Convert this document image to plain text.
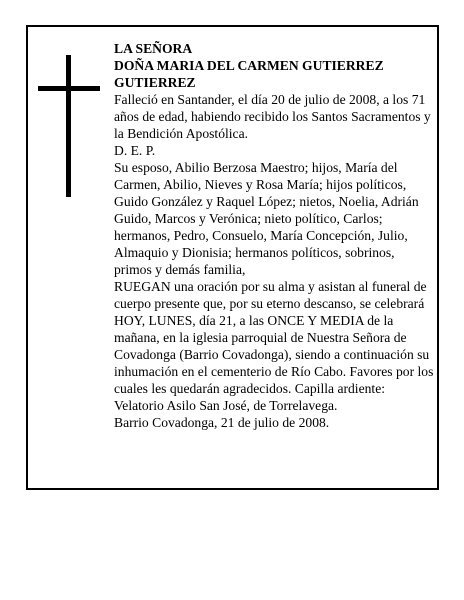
LA SEÑORA

DOÑA MARIA DEL CARMEN GUTIERREZ GUTIERREZ

Falleció en Santander, el día 20 de julio de 2008, a los 71 años de edad, habiendo recibido los Santos Sacramentos y la Bendición Apostólica.

D. E. P.

Su esposo, Abilio Berzosa Maestro; hijos, María del Carmen, Abilio, Nieves y Rosa María; hijos políticos, Guido González y Raquel López; nietos, Noelia, Adrián Guido, Marcos y Verónica; nieto político, Carlos; hermanos, Pedro, Consuelo, María Concepción, Julio, Almaquio y Dionisia; hermanos políticos, sobrinos, primos y demás familia,

RUEGAN una oración por su alma y asistan al funeral de cuerpo presente que, por su eterno descanso, se celebrará HOY, LUNES, día 21, a las ONCE Y MEDIA de la mañana, en la iglesia parroquial de Nuestra Señora de Covadonga (Barrio Covadonga), siendo a continuación su inhumación en el cementerio de Río Cabo. Favores por los cuales les quedarán agradecidos. Capilla ardiente: Velatorio Asilo San José, de Torrelavega.

Barrio Covadonga, 21 de julio de 2008.
